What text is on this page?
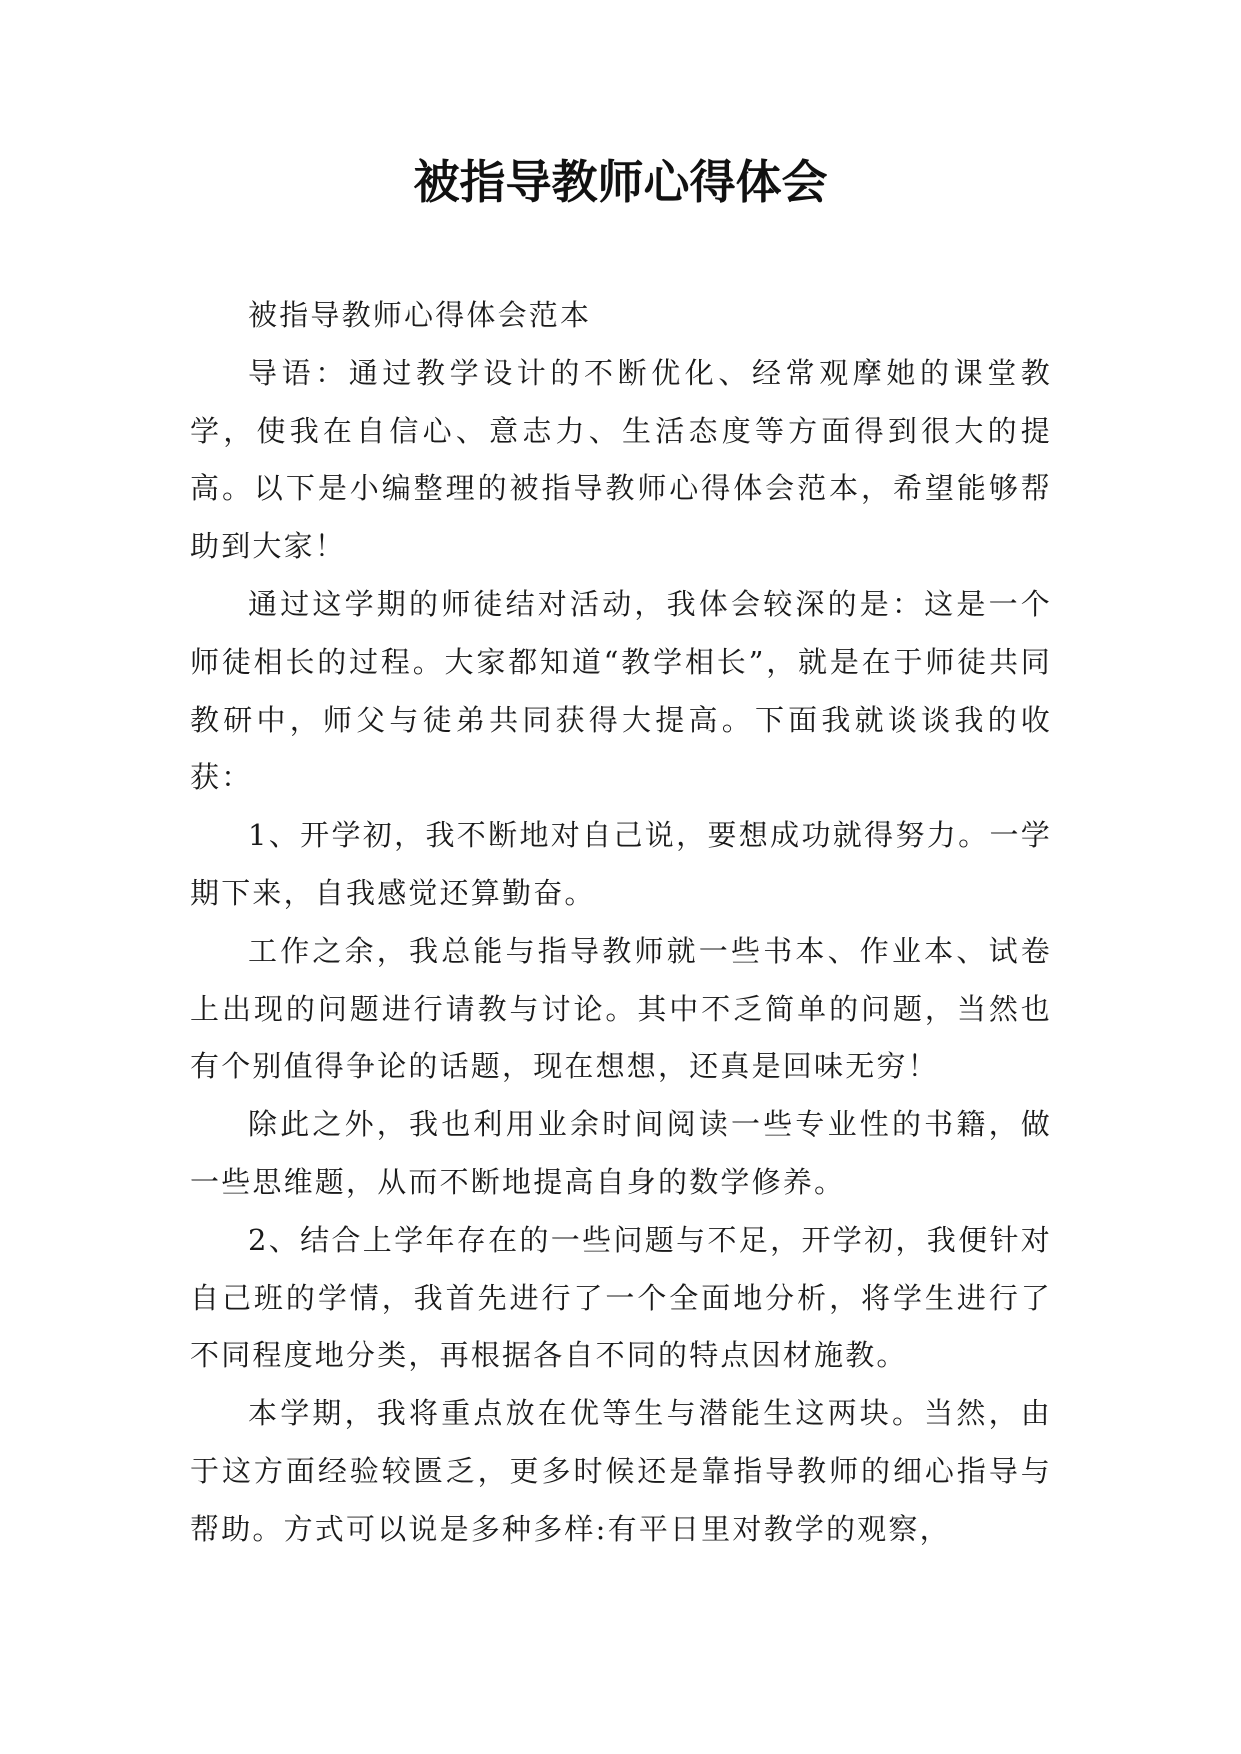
被指导教师心得体会

被指导教师心得体会范本

导语：通过教学设计的不断优化、经常观摩她的课堂教学，使我在自信心、意志力、生活态度等方面得到很大的提高。以下是小编整理的被指导教师心得体会范本，希望能够帮助到大家！

通过这学期的师徒结对活动，我体会较深的是：这是一个师徒相长的过程。大家都知道“教学相长”，就是在于师徒共同教研中，师父与徒弟共同获得大提高。下面我就谈谈我的收获：

1、开学初，我不断地对自己说，要想成功就得努力。一学期下来，自我感觉还算勤奋。

工作之余，我总能与指导教师就一些书本、作业本、试卷上出现的问题进行请教与讨论。其中不乏简单的问题，当然也有个别值得争论的话题，现在想想，还真是回味无穷！

除此之外，我也利用业余时间阅读一些专业性的书籍，做一些思维题，从而不断地提高自身的数学修养。

2、结合上学年存在的一些问题与不足，开学初，我便针对自己班的学情，我首先进行了一个全面地分析，将学生进行了不同程度地分类，再根据各自不同的特点因材施教。

本学期，我将重点放在优等生与潜能生这两块。当然，由于这方面经验较匮乏，更多时候还是靠指导教师的细心指导与帮助。方式可以说是多种多样:有平日里对教学的观察，
